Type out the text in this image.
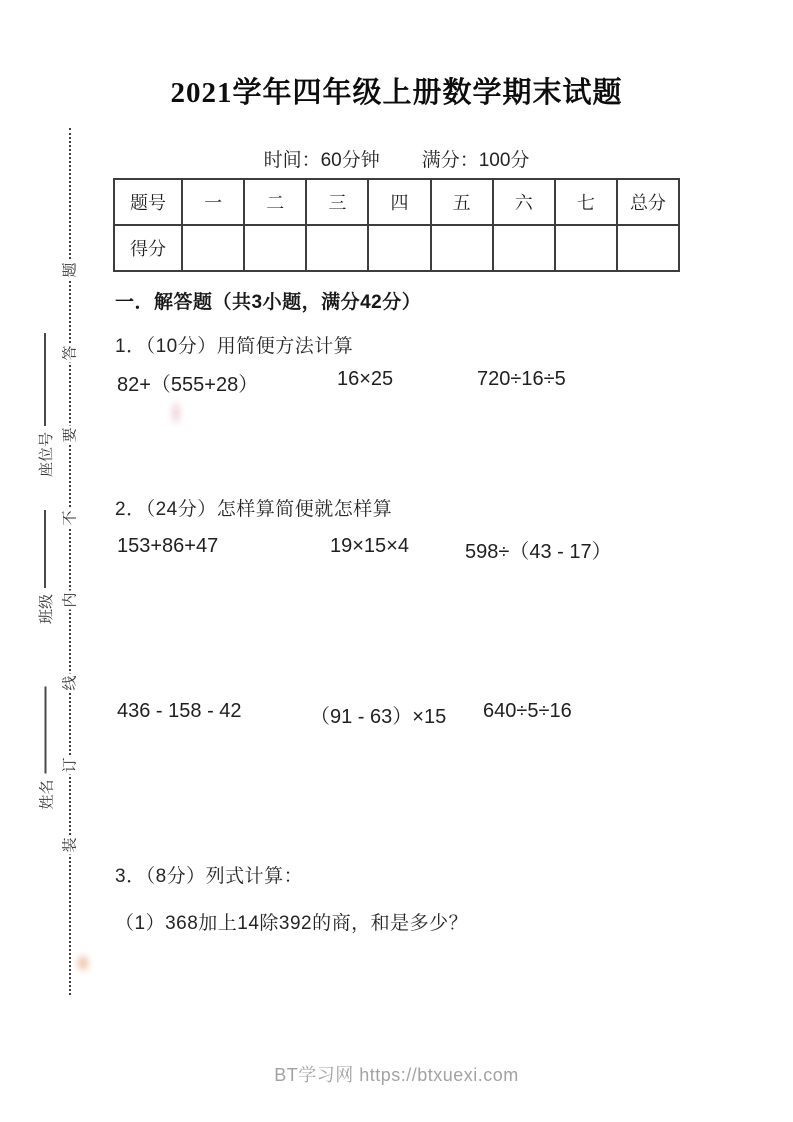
装
订
线
内
不
要
答
题
姓名
班级
座位号
2021学年四年级上册数学期末试题
时间：60分钟 满分：100分
题号	一	二	三	四	五	六	七	总分
得分								
一．解答题（共3小题，满分42分）
1．（10分）用简便方法计算
82+（555+28）	16×25	720÷16÷5
2．（24分）怎样算简便就怎样算
153+86+47	19×15×4	598÷（43 - 17）
436 - 158 - 42	（91 - 63）×15 640÷5÷16
3．（8分）列式计算：
（1）368加上14除392的商，和是多少？
BT学习网 https://btxuexi.com
